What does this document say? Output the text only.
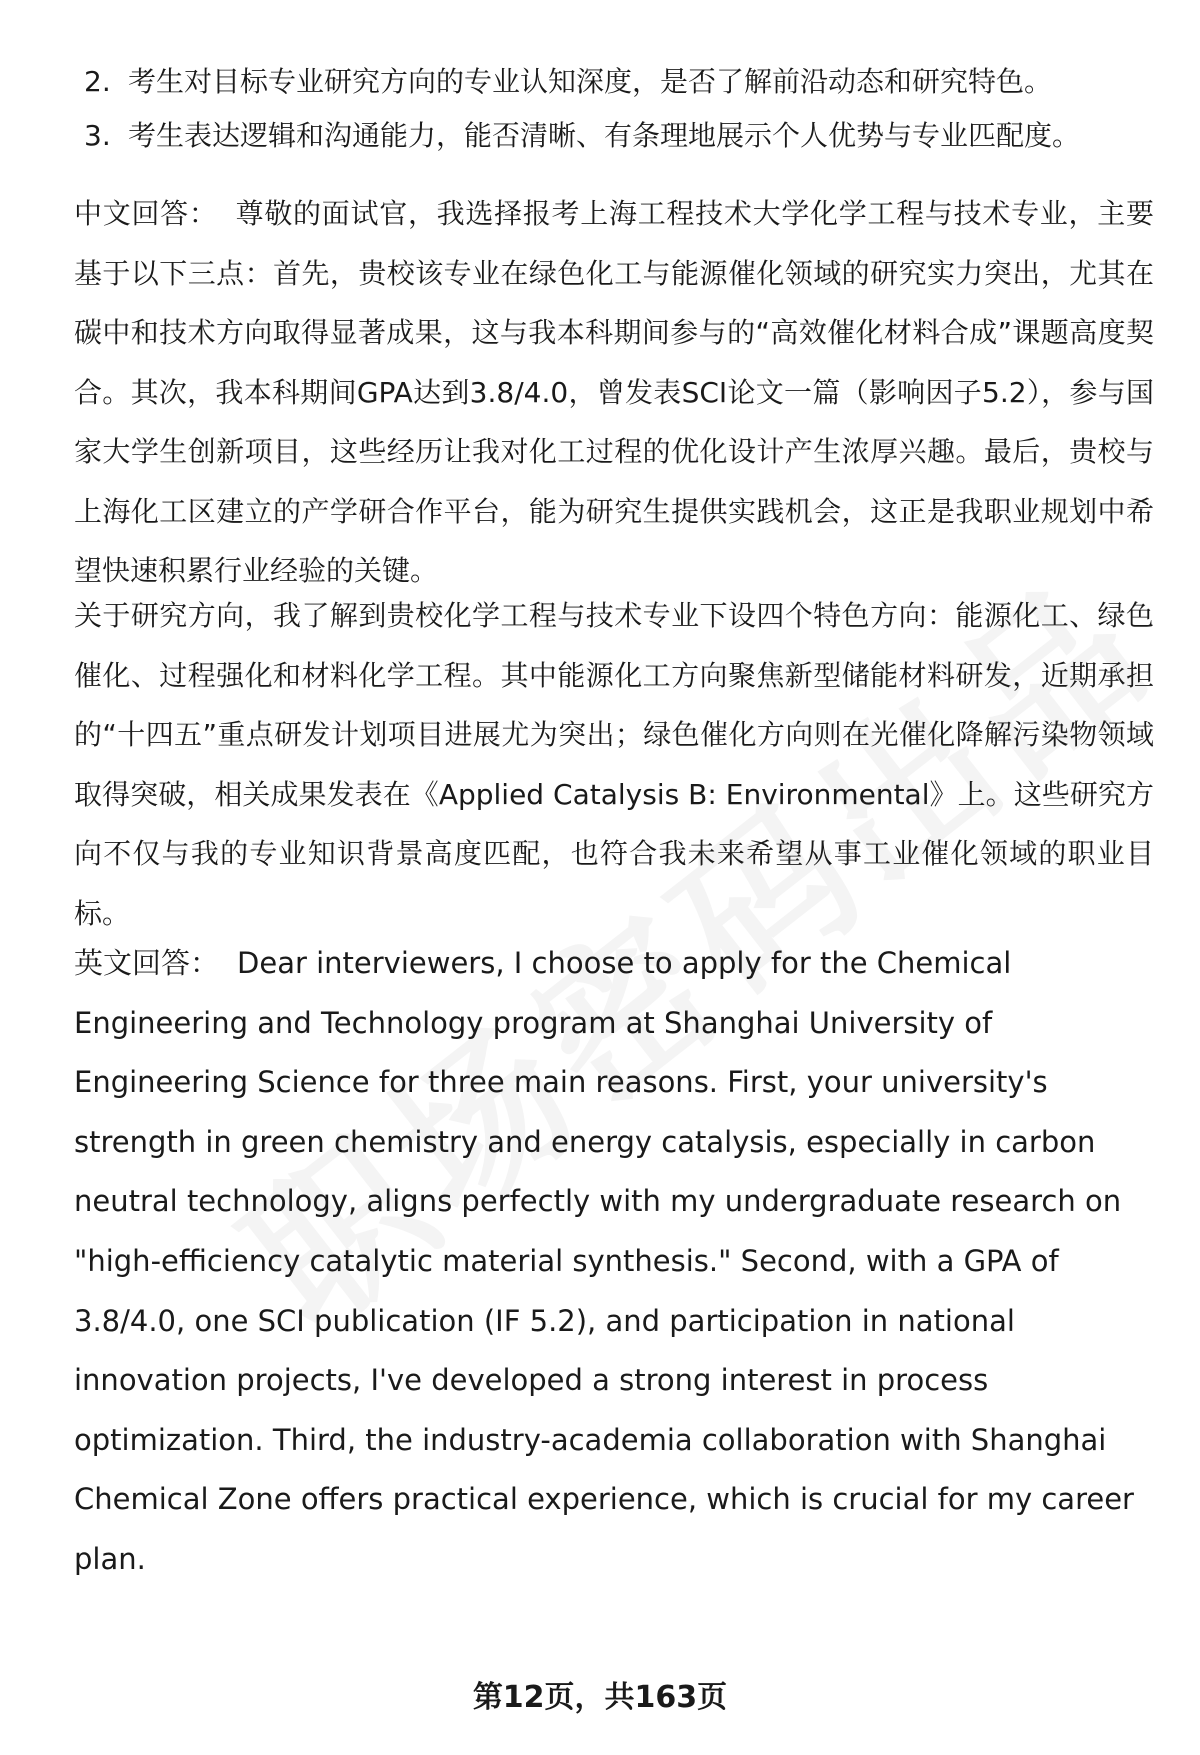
2. 考生对目标专业研究方向的专业认知深度，是否了解前沿动态和研究特色。
3. 考生表达逻辑和沟通能力，能否清晰、有条理地展示个人优势与专业匹配度。
中文回答： 尊敬的面试官，我选择报考上海工程技术大学化学工程与技术专业，主要基于以下三点：首先，贵校该专业在绿色化工与能源催化领域的研究实力突出，尤其在碳中和技术方向取得显著成果，这与我本科期间参与的“高效催化材料合成”课题高度契合。其次，我本科期间GPA达到3.8/4.0，曾发表SCI论文一篇（影响因子5.2），参与国家大学生创新项目，这些经历让我对化工过程的优化设计产生浓厚兴趣。最后，贵校与上海化工区建立的产学研合作平台，能为研究生提供实践机会，这正是我职业规划中希望快速积累行业经验的关键。
关于研究方向，我了解到贵校化学工程与技术专业下设四个特色方向：能源化工、绿色催化、过程强化和材料化学工程。其中能源化工方向聚焦新型储能材料研发，近期承担的“十四五”重点研发计划项目进展尤为突出；绿色催化方向则在光催化降解污染物领域取得突破，相关成果发表在《Applied Catalysis B: Environmental》上。这些研究方向不仅与我的专业知识背景高度匹配，也符合我未来希望从事工业催化领域的职业目标。
英文回答： Dear interviewers, I choose to apply for the Chemical Engineering and Technology program at Shanghai University of Engineering Science for three main reasons. First, your university's strength in green chemistry and energy catalysis, especially in carbon neutral technology, aligns perfectly with my undergraduate research on "high-efficiency catalytic material synthesis." Second, with a GPA of 3.8/4.0, one SCI publication (IF 5.2), and participation in national innovation projects, I've developed a strong interest in process optimization. Third, the industry-academia collaboration with Shanghai Chemical Zone offers practical experience, which is crucial for my career plan.
第12页，共163页
